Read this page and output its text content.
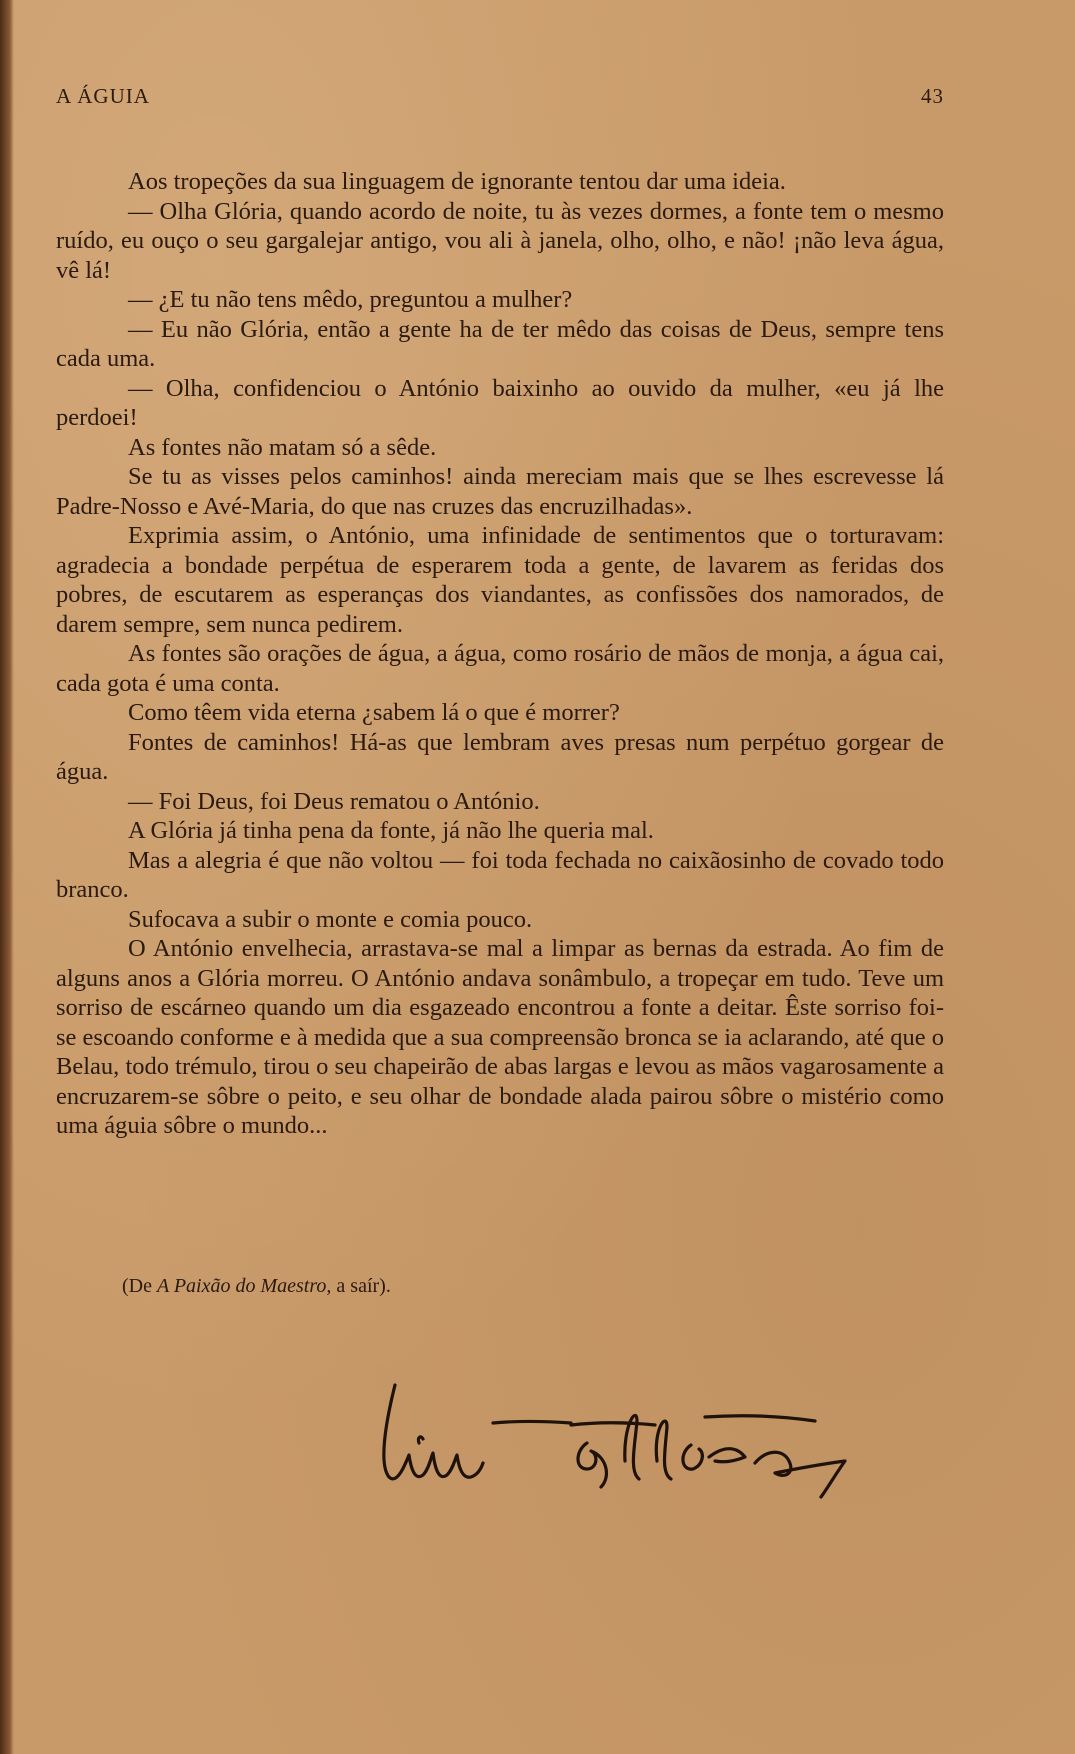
A ÁGUIA	43

Aos tropeções da sua linguagem de ignorante tentou dar uma ideia.

— Olha Glória, quando acordo de noite, tu às vezes dormes, a fonte tem o mesmo ruído, eu ouço o seu gargalejar antigo, vou ali à janela, olho, olho, e não! ¡não leva água, vê lá!

— ¿E tu não tens mêdo, preguntou a mulher?

— Eu não Glória, então a gente ha de ter mêdo das coisas de Deus, sempre tens cada uma.

— Olha, confidenciou o António baixinho ao ouvido da mulher, «eu já lhe perdoei!

As fontes não matam só a sêde.

Se tu as visses pelos caminhos! ainda mereciam mais que se lhes escrevesse lá Padre-Nosso e Avé-Maria, do que nas cruzes das encruzilhadas».

Exprimia assim, o António, uma infinidade de sentimentos que o torturavam: agradecia a bondade perpétua de esperarem toda a gente, de lavarem as feridas dos pobres, de escutarem as esperanças dos viandantes, as confissões dos namorados, de darem sempre, sem nunca pedirem.

As fontes são orações de água, a água, como rosário de mãos de monja, a água cai, cada gota é uma conta.

Como têem vida eterna ¿sabem lá o que é morrer?

Fontes de caminhos! Há-as que lembram aves presas num perpétuo gorgear de água.

— Foi Deus, foi Deus rematou o António.

A Glória já tinha pena da fonte, já não lhe queria mal.

Mas a alegria é que não voltou — foi toda fechada no caixãosinho de covado todo branco.

Sufocava a subir o monte e comia pouco.

O António envelhecia, arrastava-se mal a limpar as bernas da estrada. Ao fim de alguns anos a Glória morreu. O António andava sonâmbulo, a tropeçar em tudo. Teve um sorriso de escárneo quando um dia esgazeado encontrou a fonte a deitar. Êste sorriso foi-se escoando conforme e à medida que a sua compreensão bronca se ia aclarando, até que o Belau, todo trémulo, tirou o seu chapeirão de abas largas e levou as mãos vagarosamente a encruzarem-se sôbre o peito, e seu olhar de bondade alada pairou sôbre o mistério como uma águia sôbre o mundo...

(De A Paixão do Maestro, a saír).
